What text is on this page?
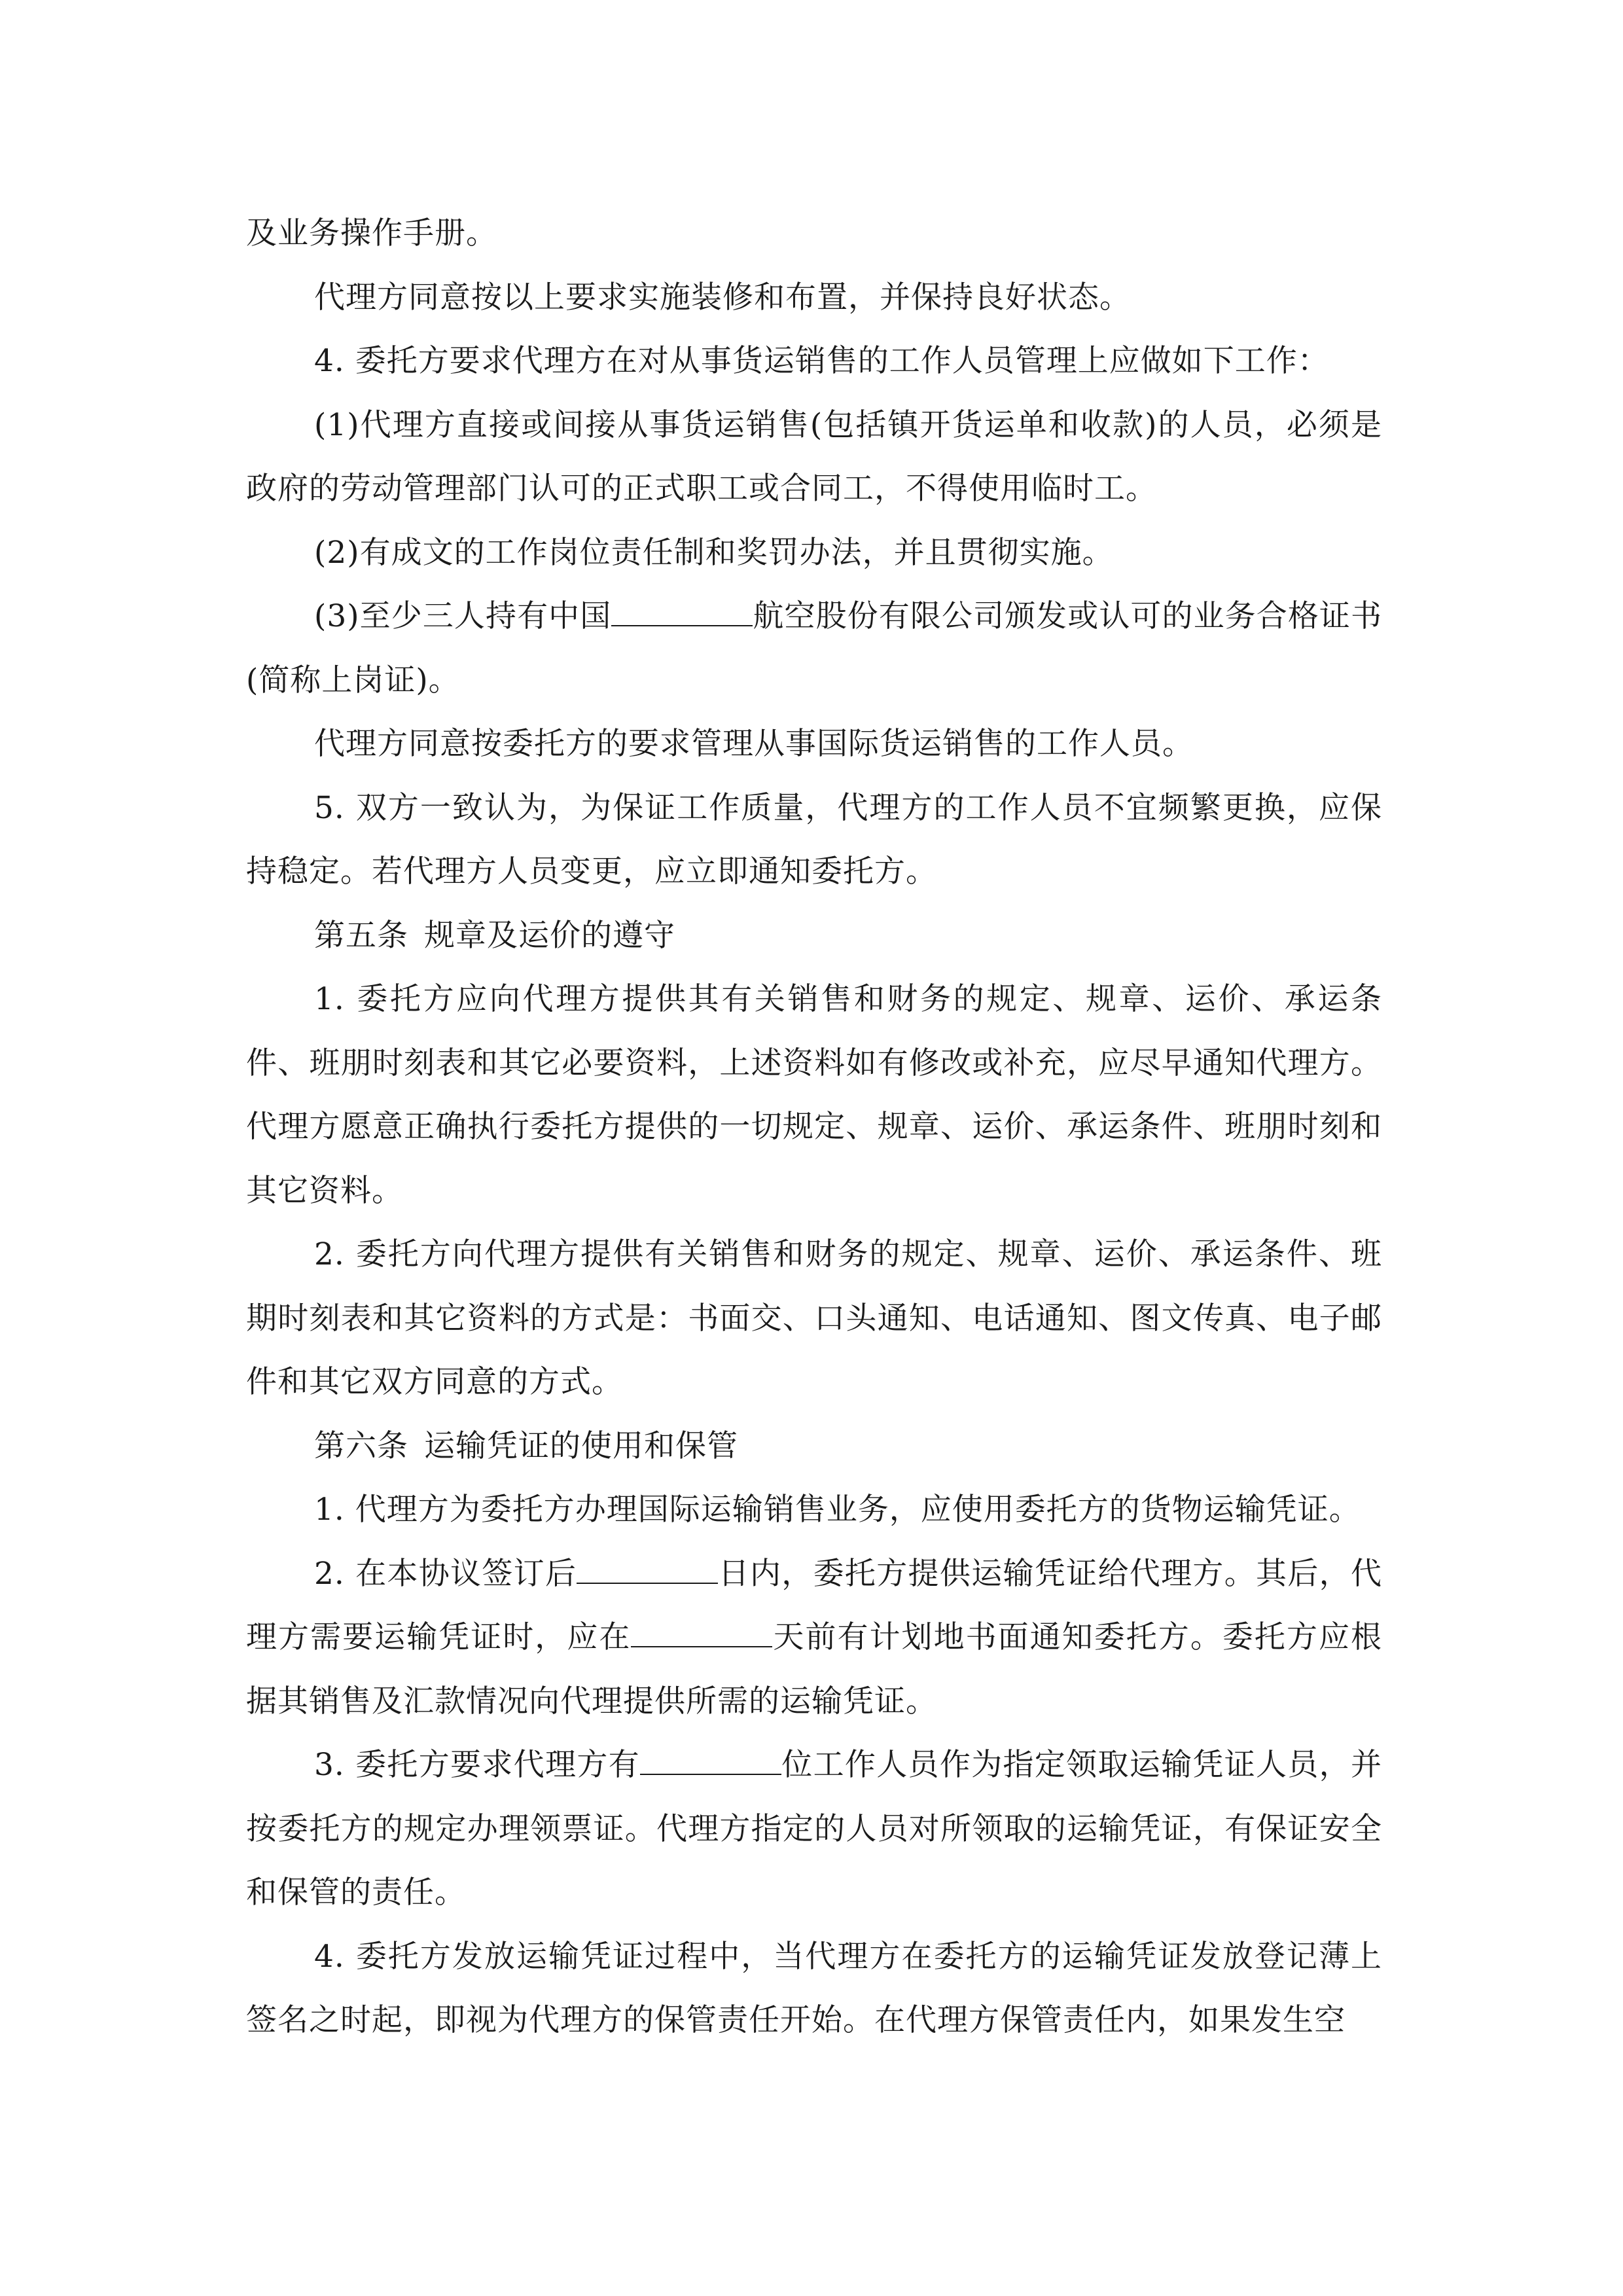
及业务操作手册。

代理方同意按以上要求实施装修和布置，并保持良好状态。

4. 委托方要求代理方在对从事货运销售的工作人员管理上应做如下工作：

(1)代理方直接或间接从事货运销售(包括镇开货运单和收款)的人员，必须是政府的劳动管理部门认可的正式职工或合同工，不得使用临时工。

(2)有成文的工作岗位责任制和奖罚办法，并且贯彻实施。

(3)至少三人持有中国	航空股份有限公司颁发或认可的业务合格证书(简称上岗证)。

代理方同意按委托方的要求管理从事国际货运销售的工作人员。

5. 双方一致认为，为保证工作质量，代理方的工作人员不宜频繁更换，应保持稳定。若代理方人员变更，应立即通知委托方。

第五条 规章及运价的遵守

1. 委托方应向代理方提供其有关销售和财务的规定、规章、运价、承运条件、班朋时刻表和其它必要资料，上述资料如有修改或补充，应尽早通知代理方。代理方愿意正确执行委托方提供的一切规定、规章、运价、承运条件、班朋时刻和其它资料。

2. 委托方向代理方提供有关销售和财务的规定、规章、运价、承运条件、班期时刻表和其它资料的方式是：书面交、口头通知、电话通知、图文传真、电子邮件和其它双方同意的方式。

第六条 运输凭证的使用和保管

1. 代理方为委托方办理国际运输销售业务，应使用委托方的货物运输凭证。

2. 在本协议签订后	日内，委托方提供运输凭证给代理方。其后，代理方需要运输凭证时，应在	天前有计划地书面通知委托方。委托方应根据其销售及汇款情况向代理提供所需的运输凭证。

3. 委托方要求代理方有	位工作人员作为指定领取运输凭证人员，并按委托方的规定办理领票证。代理方指定的人员对所领取的运输凭证，有保证安全和保管的责任。

4. 委托方发放运输凭证过程中，当代理方在委托方的运输凭证发放登记薄上签名之时起，即视为代理方的保管责任开始。在代理方保管责任内，如果发生空
